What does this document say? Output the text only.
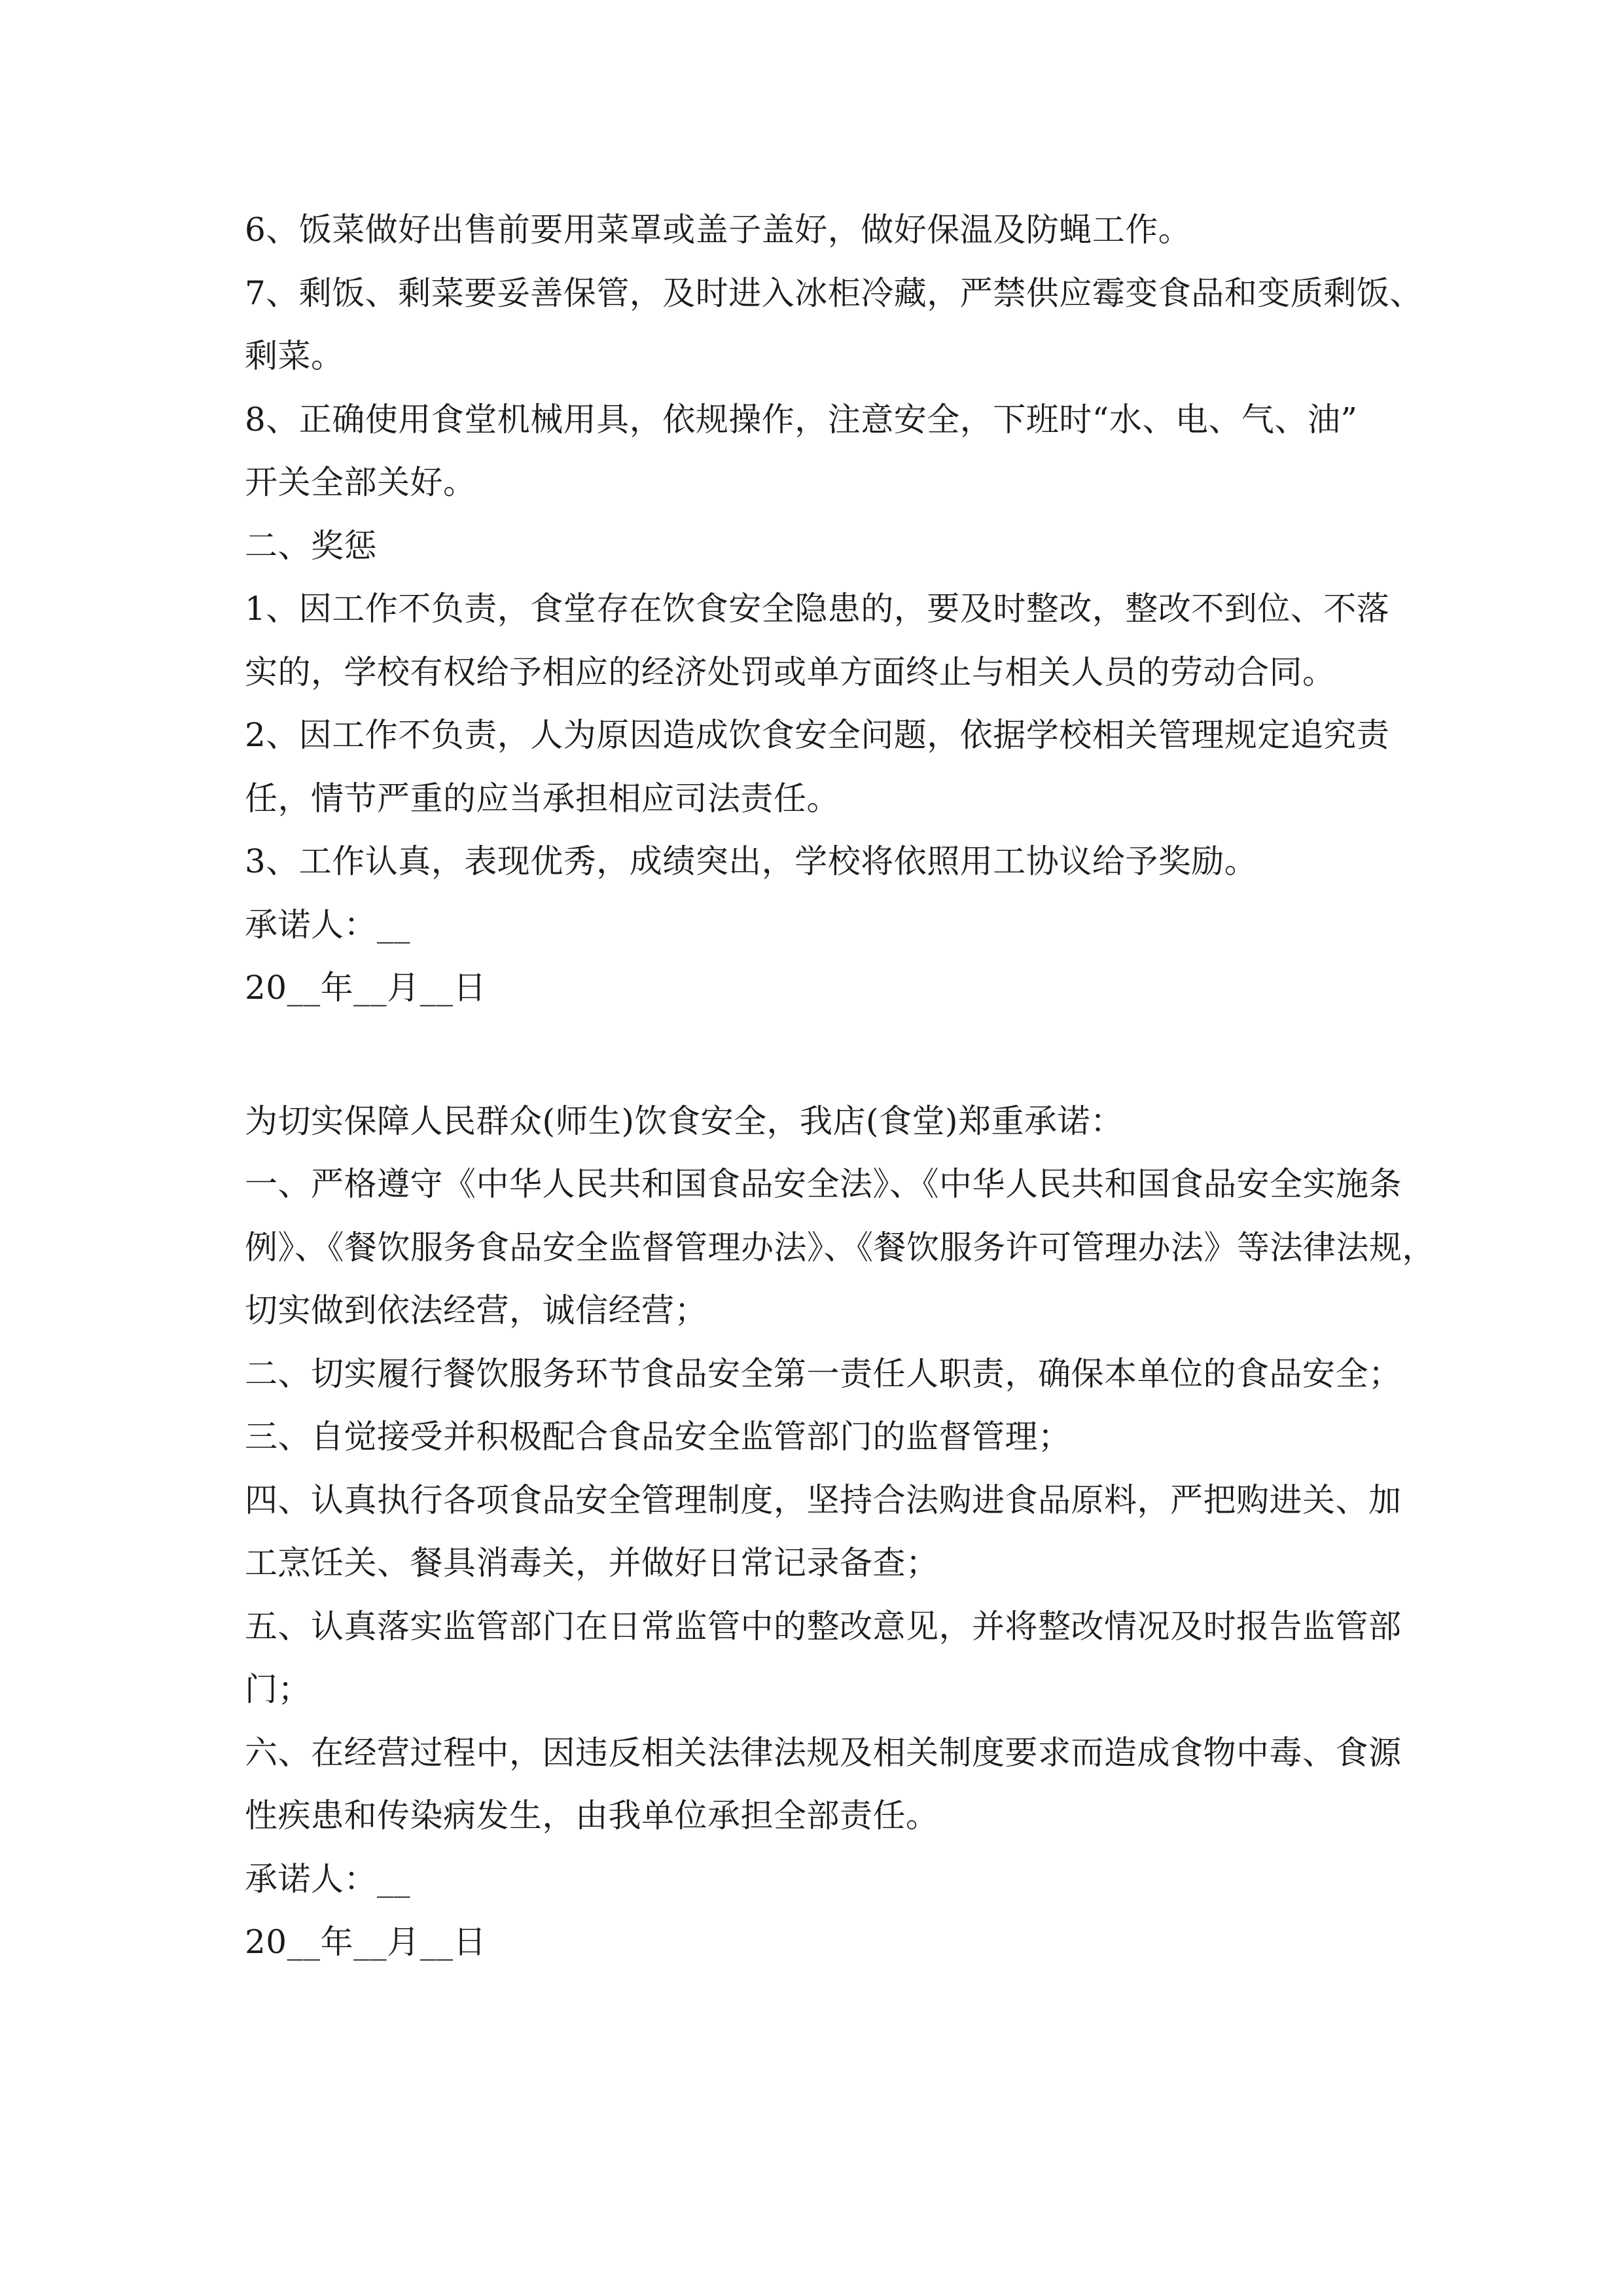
6、饭菜做好出售前要用菜罩或盖子盖好，做好保温及防蝇工作。
7、剩饭、剩菜要妥善保管，及时进入冰柜冷藏，严禁供应霉变食品和变质剩饭、
剩菜。
8、正确使用食堂机械用具，依规操作，注意安全，下班时“水、电、气、油”
开关全部关好。
二、奖惩
1、因工作不负责，食堂存在饮食安全隐患的，要及时整改，整改不到位、不落
实的，学校有权给予相应的经济处罚或单方面终止与相关人员的劳动合同。
2、因工作不负责，人为原因造成饮食安全问题，依据学校相关管理规定追究责
任，情节严重的应当承担相应司法责任。
3、工作认真，表现优秀，成绩突出，学校将依照用工协议给予奖励。
承诺人：__
20__年__月__日
为切实保障人民群众(师生)饮食安全，我店(食堂)郑重承诺：
一、严格遵守《中华人民共和国食品安全法》、《中华人民共和国食品安全实施条
例》、《餐饮服务食品安全监督管理办法》、《餐饮服务许可管理办法》等法律法规，
切实做到依法经营，诚信经营；
二、切实履行餐饮服务环节食品安全第一责任人职责，确保本单位的食品安全；
三、自觉接受并积极配合食品安全监管部门的监督管理；
四、认真执行各项食品安全管理制度，坚持合法购进食品原料，严把购进关、加
工烹饪关、餐具消毒关，并做好日常记录备查；
五、认真落实监管部门在日常监管中的整改意见，并将整改情况及时报告监管部
门；
六、在经营过程中，因违反相关法律法规及相关制度要求而造成食物中毒、食源
性疾患和传染病发生，由我单位承担全部责任。
承诺人：__
20__年__月__日
